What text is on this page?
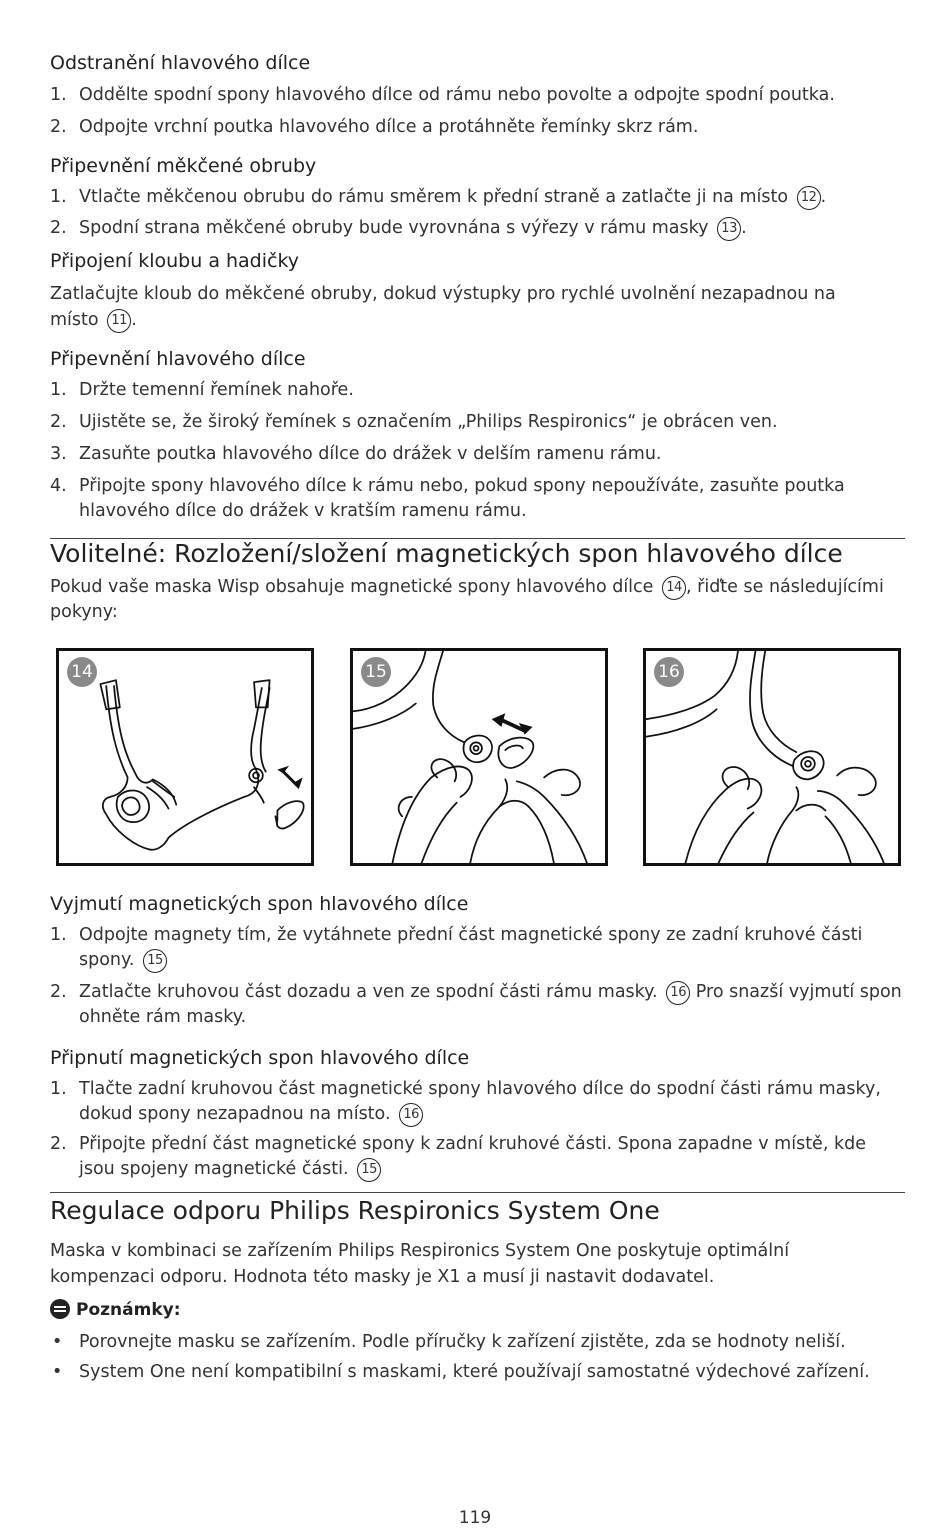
Odstranění hlavového dílce
1. Oddělte spodní spony hlavového dílce od rámu nebo povolte a odpojte spodní poutka.
2. Odpojte vrchní poutka hlavového dílce a protáhněte řemínky skrz rám.
Připevnění měkčené obruby
1. Vtlačte měkčenou obrubu do rámu směrem k přední straně a zatlačte ji na místo 12 .
2. Spodní strana měkčené obruby bude vyrovnána s výřezy v rámu masky 13 .
Připojení kloubu a hadičky

Zatlačujte kloub do měkčené obruby, dokud výstupky pro rychlé uvolnění nezapadnou na místo 11 .

Připevnění hlavového dílce
1. Držte temenní řemínek nahoře.
2. Ujistěte se, že široký řemínek s označením „Philips Respironics“ je obrácen ven.
3. Zasuňte poutka hlavového dílce do drážek v delším ramenu rámu.
4. Připojte spony hlavového dílce k rámu nebo, pokud spony nepoužíváte, zasuňte poutka hlavového dílce do drážek v kratším ramenu rámu.
Volitelné: Rozložení/složení magnetických spon hlavového dílce

Pokud vaše maska Wisp obsahuje magnetické spony hlavového dílce 14 , řiďte se následujícími pokyny:

14	15	16
Vyjmutí magnetických spon hlavového dílce
1. Odpojte magnety tím, že vytáhnete přední část magnetické spony ze zadní kruhové části spony. 15
2. Zatlačte kruhovou část dozadu a ven ze spodní části rámu masky. 16 Pro snazší vyjmutí spon ohněte rám masky.
Připnutí magnetických spon hlavového dílce
1. Tlačte zadní kruhovou část magnetické spony hlavového dílce do spodní části rámu masky, dokud spony nezapadnou na místo. 16
2. Připojte přední část magnetické spony k zadní kruhové části. Spona zapadne v místě, kde jsou spojeny magnetické části. 15
Regulace odporu Philips Respironics System One

Maska v kombinaci se zařízením Philips Respironics System One poskytuje optimální kompenzaci odporu. Hodnota této masky je X1 a musí ji nastavit dodavatel.

Poznámky:
• Porovnejte masku se zařízením. Podle příručky k zařízení zjistěte, zda se hodnoty neliší.
• System One není kompatibilní s maskami, které používají samostatné výdechové zařízení.
119
